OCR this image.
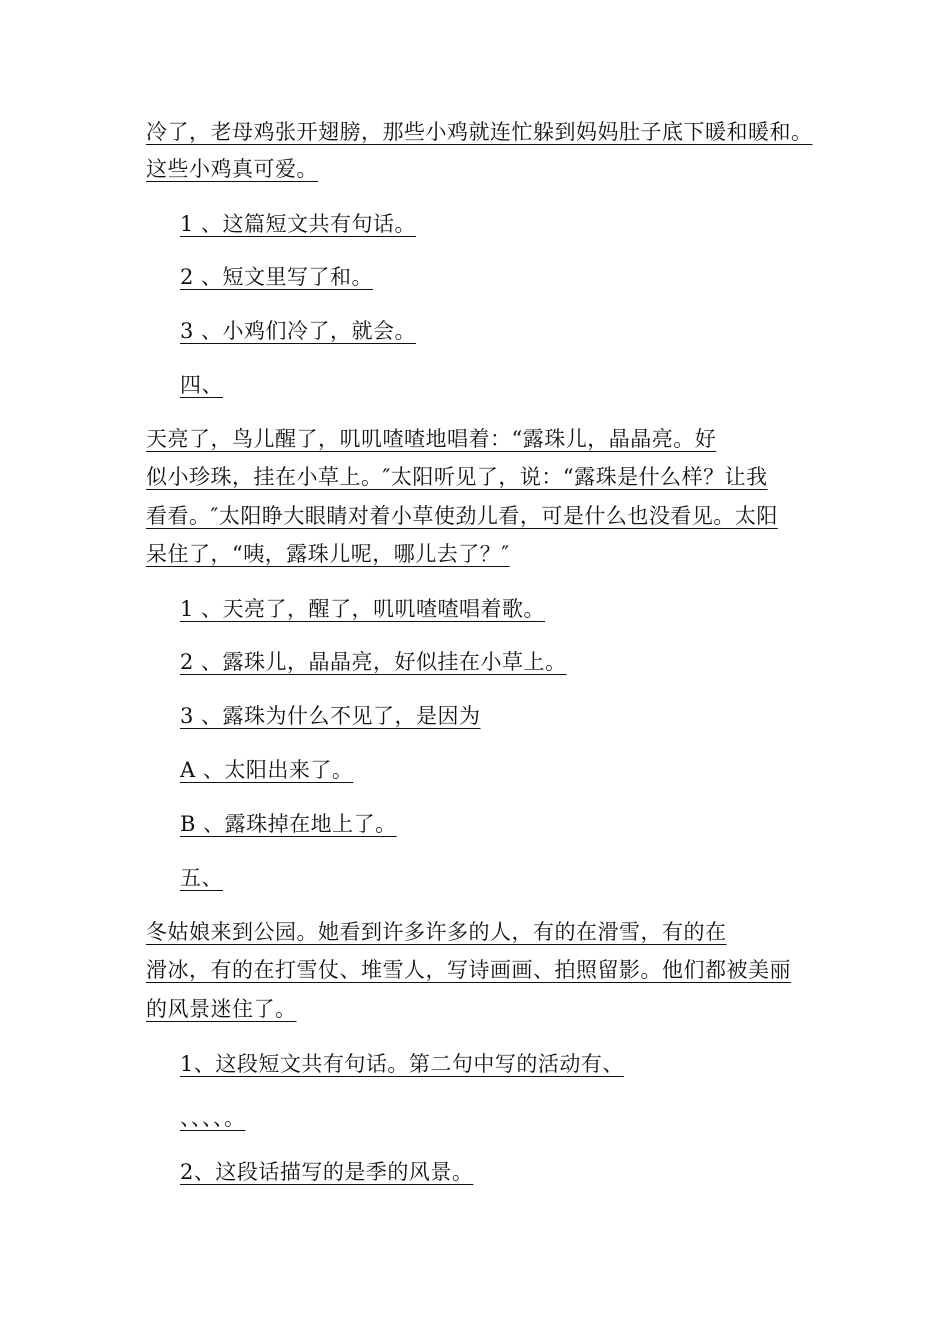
冷了，老母鸡张开翅膀，那些小鸡就连忙躲到妈妈肚子底下暖和暖和。
这些小鸡真可爱。
1 、这篇短文共有句话。
2 、短文里写了和。
3 、小鸡们冷了，就会。
四、
天亮了，鸟儿醒了，叽叽喳喳地唱着：“露珠儿，晶晶亮。好
似小珍珠，挂在小草上。″太阳听见了，说：“露珠是什么样？让我
看看。″太阳睁大眼睛对着小草使劲儿看，可是什么也没看见。太阳
呆住了，“咦，露珠儿呢，哪儿去了？″
1 、天亮了，醒了，叽叽喳喳唱着歌。
2 、露珠儿，晶晶亮，好似挂在小草上。
3 、露珠为什么不见了，是因为
A 、太阳出来了。
B 、露珠掉在地上了。
五、
冬姑娘来到公园。她看到许多许多的人，有的在滑雪，有的在
滑冰，有的在打雪仗、堆雪人，写诗画画、拍照留影。他们都被美丽
的风景迷住了。
1、这段短文共有句话。第二句中写的活动有、
、、、、。
2、这段话描写的是季的风景。
